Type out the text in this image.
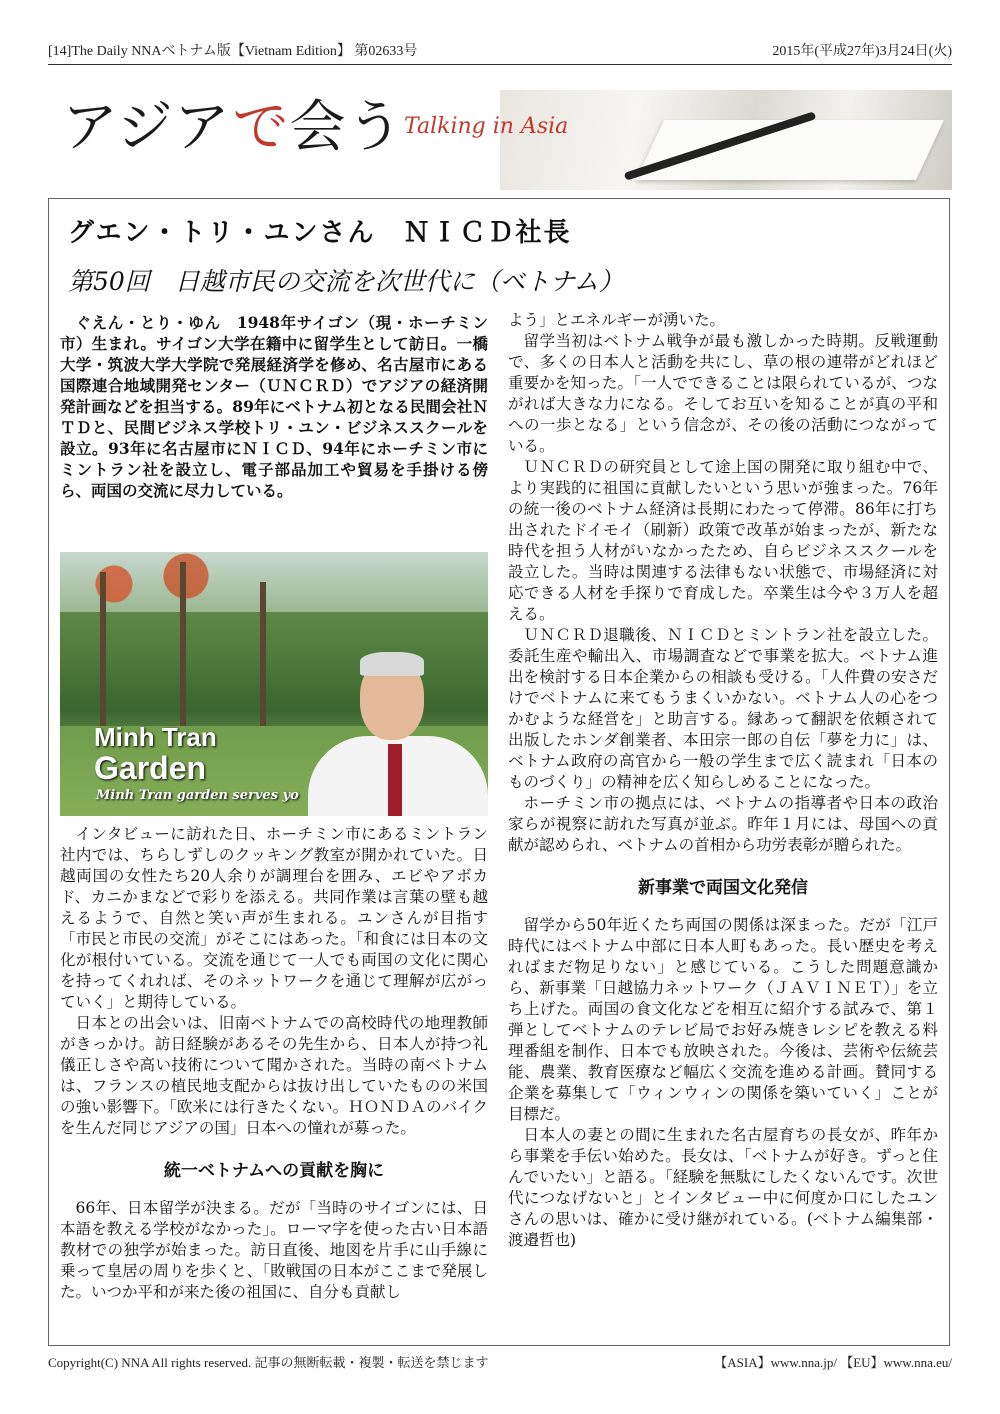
[14]The Daily NNAベトナム版【Vietnam Edition】 第02633号	2015年(平成27年)3月24日(火)
アジアで会う Talking in Asia
グエン・トリ・ユンさん　ＮＩＣＤ社長
第50回　日越市民の交流を次世代に（ベトナム）

ぐえん・とり・ゆん　1948年サイゴン（現・ホーチミン市）生まれ。サイゴン大学在籍中に留学生として訪日。一橋大学・筑波大学大学院で発展経済学を修め、名古屋市にある国際連合地域開発センター（ＵＮＣＲＤ）でアジアの経済開発計画などを担当する。89年にベトナム初となる民間会社ＮＴＤと、民間ビジネス学校トリ・ユン・ビジネススクールを設立。93年に名古屋市にＮＩＣＤ、94年にホーチミン市にミントラン社を設立し、電子部品加工や貿易を手掛ける傍ら、両国の交流に尽力している。

Minh Tran
Garden
Minh Tran garden serves yo

インタビューに訪れた日、ホーチミン市にあるミントラン社内では、ちらしずしのクッキング教室が開かれていた。日越両国の女性たち20人余りが調理台を囲み、エビやアボカド、カニかまなどで彩りを添える。共同作業は言葉の壁も越えるようで、自然と笑い声が生まれる。ユンさんが目指す「市民と市民の交流」がそこにはあった。「和食には日本の文化が根付いている。交流を通じて一人でも両国の文化に関心を持ってくれれば、そのネットワークを通じて理解が広がっていく」と期待している。

日本との出会いは、旧南ベトナムでの高校時代の地理教師がきっかけ。訪日経験があるその先生から、日本人が持つ礼儀正しさや高い技術について聞かされた。当時の南ベトナムは、フランスの植民地支配からは抜け出していたものの米国の強い影響下。「欧米には行きたくない。ＨＯＮＤＡのバイクを生んだ同じアジアの国」日本への憧れが募った。

統一ベトナムへの貢献を胸に

66年、日本留学が決まる。だが「当時のサイゴンには、日本語を教える学校がなかった」。ローマ字を使った古い日本語教材での独学が始まった。訪日直後、地図を片手に山手線に乗って皇居の周りを歩くと、「敗戦国の日本がここまで発展した。いつか平和が来た後の祖国に、自分も貢献し

よう」とエネルギーが湧いた。

留学当初はベトナム戦争が最も激しかった時期。反戦運動で、多くの日本人と活動を共にし、草の根の連帯がどれほど重要かを知った。「一人でできることは限られているが、つながれば大きな力になる。そしてお互いを知ることが真の平和への一歩となる」という信念が、その後の活動につながっている。

ＵＮＣＲＤの研究員として途上国の開発に取り組む中で、より実践的に祖国に貢献したいという思いが強まった。76年の統一後のベトナム経済は長期にわたって停滞。86年に打ち出されたドイモイ（刷新）政策で改革が始まったが、新たな時代を担う人材がいなかったため、自らビジネススクールを設立した。当時は関連する法律もない状態で、市場経済に対応できる人材を手探りで育成した。卒業生は今や３万人を超える。

ＵＮＣＲＤ退職後、ＮＩＣＤとミントラン社を設立した。委託生産や輸出入、市場調査などで事業を拡大。ベトナム進出を検討する日本企業からの相談も受ける。「人件費の安さだけでベトナムに来てもうまくいかない。ベトナム人の心をつかむような経営を」と助言する。縁あって翻訳を依頼されて出版したホンダ創業者、本田宗一郎の自伝「夢を力に」は、ベトナム政府の高官から一般の学生まで広く読まれ「日本のものづくり」の精神を広く知らしめることになった。

ホーチミン市の拠点には、ベトナムの指導者や日本の政治家らが視察に訪れた写真が並ぶ。昨年１月には、母国への貢献が認められ、ベトナムの首相から功労表彰が贈られた。

新事業で両国文化発信

留学から50年近くたち両国の関係は深まった。だが「江戸時代にはベトナム中部に日本人町もあった。長い歴史を考えればまだ物足りない」と感じている。こうした問題意識から、新事業「日越協力ネットワーク（ＪＡＶＩＮＥＴ）」を立ち上げた。両国の食文化などを相互に紹介する試みで、第１弾としてベトナムのテレビ局でお好み焼きレシピを教える料理番組を制作、日本でも放映された。今後は、芸術や伝統芸能、農業、教育医療など幅広く交流を進める計画。賛同する企業を募集して「ウィンウィンの関係を築いていく」ことが目標だ。

日本人の妻との間に生まれた名古屋育ちの長女が、昨年から事業を手伝い始めた。長女は、「ベトナムが好き。ずっと住んでいたい」と語る。「経験を無駄にしたくないんです。次世代につなげないと」とインタビュー中に何度か口にしたユンさんの思いは、確かに受け継がれている。(ベトナム編集部・渡邉哲也)

Copyright(C) NNA All rights reserved. 記事の無断転載・複製・転送を禁じます	【ASIA】www.nna.jp/ 【EU】www.nna.eu/
